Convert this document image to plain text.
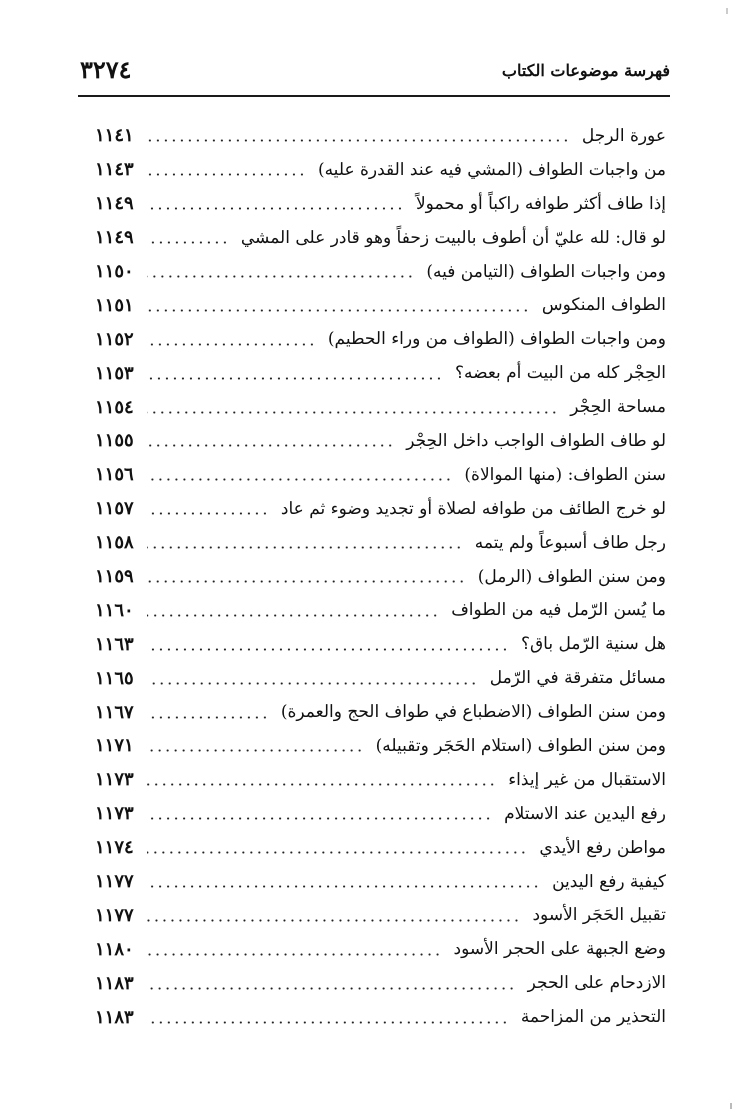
فهرسة موضوعات الكتاب
٣٢٧٤
عورة الرجل
١١٤١
من واجبات الطواف (المشي فيه عند القدرة عليه)
١١٤٣
إذا طاف أكثر طوافه راكباً أو محمولاً
١١٤٩
لو قال: لله عليّ أن أطوف بالبيت زحفاً وهو قادر على المشي
١١٤٩
ومن واجبات الطواف (التيامن فيه)
١١٥٠
الطواف المنكوس
١١٥١
ومن واجبات الطواف (الطواف من وراء الحطيم)
١١٥٢
الحِجْر كله من البيت أم بعضه؟
١١٥٣
مساحة الحِجْر
١١٥٤
لو طاف الطواف الواجب داخل الحِجْر
١١٥٥
سنن الطواف: (منها الموالاة)
١١٥٦
لو خرج الطائف من طوافه لصلاة أو تجديد وضوء ثم عاد
١١٥٧
رجل طاف أسبوعاً ولم يتمه
١١٥٨
ومن سنن الطواف (الرمل)
١١٥٩
ما يُسن الرّمل فيه من الطواف
١١٦٠
هل سنية الرّمل باق؟
١١٦٣
مسائل متفرقة في الرّمل
١١٦٥
ومن سنن الطواف (الاضطباع في طواف الحج والعمرة)
١١٦٧
ومن سنن الطواف (استلام الحَجَر وتقبيله)
١١٧١
الاستقبال من غير إيذاء
١١٧٣
رفع اليدين عند الاستلام
١١٧٣
مواطن رفع الأيدي
١١٧٤
كيفية رفع اليدين
١١٧٧
تقبيل الحَجَر الأسود
١١٧٧
وضع الجبهة على الحجر الأسود
١١٨٠
الازدحام على الحجر
١١٨٣
التحذير من المزاحمة
١١٨٣
